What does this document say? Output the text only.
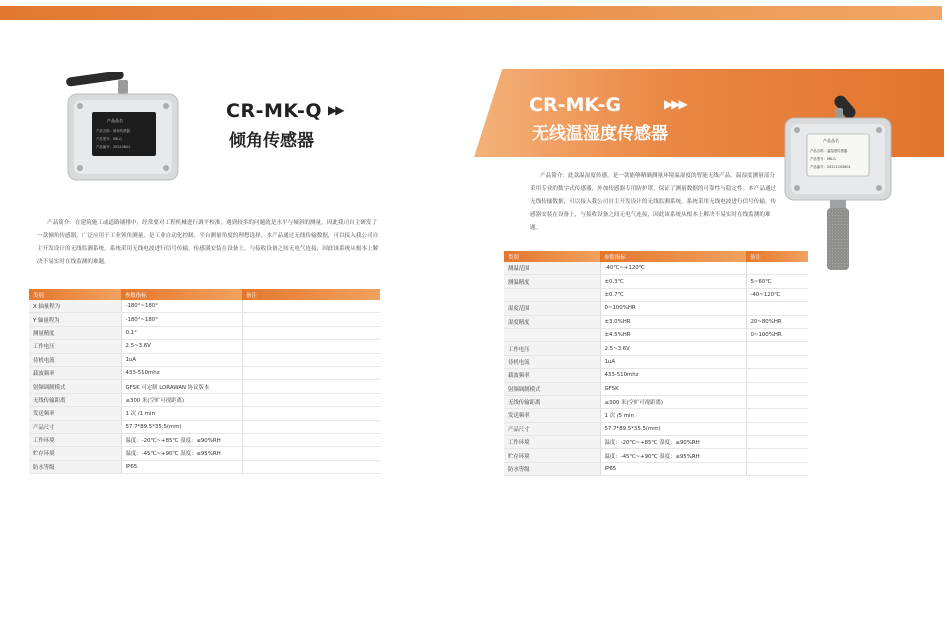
产品品名
产品名称：倾角传感器
产品型号：MK-Q
产品编号：20220601
CR-MK-Q ▶▶
倾角传感器
产品简介：在建筑施工或道路铺排中，经常要对工程机械进行调平校准，遇到较多的问题就是水平与倾斜的测量，因此我司自主研发了一款倾角传感器，广泛应用于工业领角测量，是工业自动化控制、平台测量角度的理想选择。本产品通过无线传输数据，可以接入我公司自主开发设计的无线监测系统，系统采用无线电波进行信号传输。传感器安装在设备上，与接收设备之间无电气连接，因此该系统从根本上解决不易实时在线监测的难题。
类别	参数指标	备注
X 轴量程为	-180°~180°	
Y 轴量程为	-180°~180°	
测量精度	0.1°	
工作电压	2.5~3.6V	
待机电流	1uA	
载波频率	433-510mhz	
射频调制模式	GFSK 可定制 LORAWAN 协议版本	
无线传输距离	≤300 米(空旷可视距离)	
发送频率	1 次 /1 min	
产品尺寸	57.7*89.5*35.5(mm)	
工作环境	温度：-20℃~+85℃ 湿度：≤90%RH	
贮存环境	温度：-45℃~+90℃ 湿度：≤95%RH	
防水等级	IP65	
CR-MK-G	▶▶▶
无线温湿度传感器	产品品名
产品名称：温湿度传感器
产品型号：MK-G
产品编号：20211203801
产品简介：此款温湿度传感，是一款能够精确测量环境温湿度的智能无线产品。温湿度测量部分采用专业的数字式传感器，外加传感器专用防护罩，保证了测量数据的可靠性与稳定性。本产品通过无线传输数据，可以接入我公司自主开发设计的无线监测系统，系统采用无线电波进行信号传输。传感器安装在设备上，与接收设备之间无电气连接，因此该系统从根本上解决不易实时在线监测的难题。
类别	参数指标	备注
测温范围	-40℃~+120℃	
测温精度	±0.3℃	5~60℃
	±0.7℃	-40~120℃
湿度范围	0~100%HR	
湿度精度	±3.0%HR	20~80%HR
	±4.5%HR	0~100%HR
工作电压	2.5~3.6V	
待机电流	1uA	
载波频率	433-510mhz	
射频调制模式	GFSK	
无线传输距离	≤300 米(空旷可视距离)	
发送频率	1 次 /5 min	
产品尺寸	57.7*89.5*35.5(mm)	
工作环境	温度：-20℃~+85℃ 湿度：≤90%RH	
贮存环境	温度：-45℃~+90℃ 湿度：≤95%RH	
防水等级	IP65	
